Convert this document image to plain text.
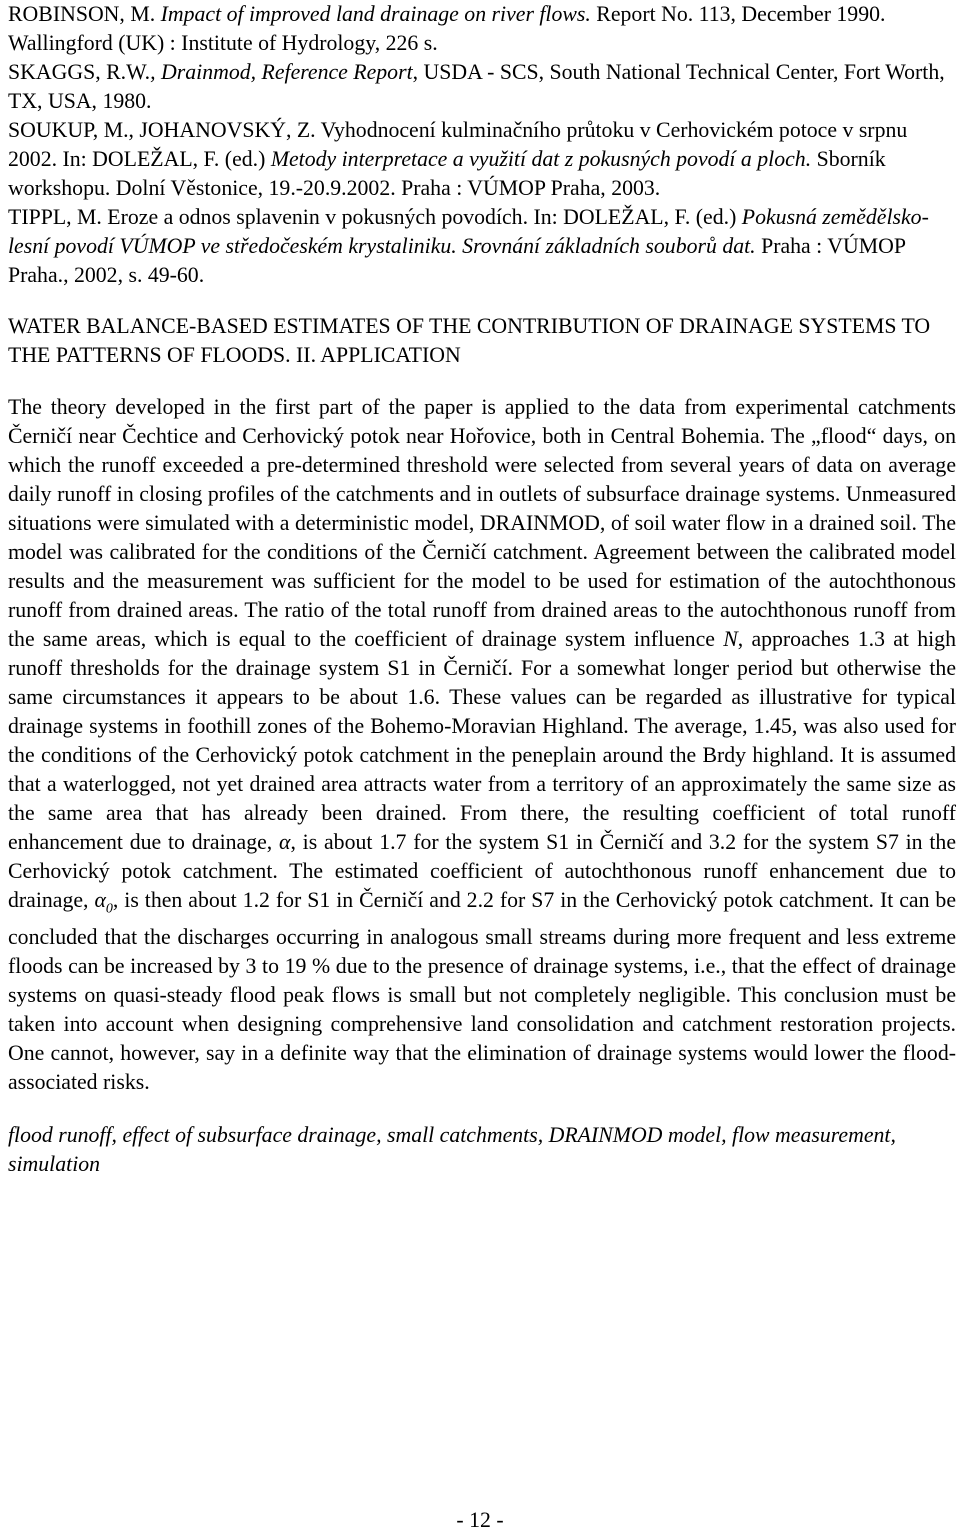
ROBINSON, M. Impact of improved land drainage on river flows. Report No. 113, December 1990. Wallingford (UK) : Institute of Hydrology, 226 s.
SKAGGS, R.W., Drainmod, Reference Report, USDA - SCS, South National Technical Center, Fort Worth, TX, USA, 1980.
SOUKUP, M., JOHANOVSKÝ, Z. Vyhodnocení kulminačního průtoku v Cerhovickém potoce v srpnu 2002. In: DOLEŽAL, F. (ed.) Metody interpretace a využití dat z pokusných povodí a ploch. Sborník workshopu. Dolní Věstonice, 19.-20.9.2002. Praha : VÚMOP Praha, 2003.
TIPPL, M. Eroze a odnos splavenin v pokusných povodích. In: DOLEŽAL, F. (ed.) Pokusná zemědělsko-lesní povodí VÚMOP ve středočeském krystaliniku. Srovnání základních souborů dat. Praha : VÚMOP Praha., 2002, s. 49-60.
WATER BALANCE-BASED ESTIMATES OF THE CONTRIBUTION OF DRAINAGE SYSTEMS TO THE PATTERNS OF FLOODS. II. APPLICATION
The theory developed in the first part of the paper is applied to the data from experimental catchments Černičí near Čechtice and Cerhovický potok near Hořovice, both in Central Bohemia. The „flood“ days, on which the runoff exceeded a pre-determined threshold were selected from several years of data on average daily runoff in closing profiles of the catchments and in outlets of subsurface drainage systems. Unmeasured situations were simulated with a deterministic model, DRAINMOD, of soil water flow in a drained soil. The model was calibrated for the conditions of the Černičí catchment. Agreement between the calibrated model results and the measurement was sufficient for the model to be used for estimation of the autochthonous runoff from drained areas. The ratio of the total runoff from drained areas to the autochthonous runoff from the same areas, which is equal to the coefficient of drainage system influence N, approaches 1.3 at high runoff thresholds for the drainage system S1 in Černičí. For a somewhat longer period but otherwise the same circumstances it appears to be about 1.6. These values can be regarded as illustrative for typical drainage systems in foothill zones of the Bohemo-Moravian Highland. The average, 1.45, was also used for the conditions of the Cerhovický potok catchment in the peneplain around the Brdy highland. It is assumed that a waterlogged, not yet drained area attracts water from a territory of an approximately the same size as the same area that has already been drained. From there, the resulting coefficient of total runoff enhancement due to drainage, α, is about 1.7 for the system S1 in Černičí and 3.2 for the system S7 in the Cerhovický potok catchment. The estimated coefficient of autochthonous runoff enhancement due to drainage, $\alpha_0$, is then about 1.2 for S1 in Černičí and 2.2 for S7 in the Cerhovický potok catchment. It can be concluded that the discharges occurring in analogous small streams during more frequent and less extreme floods can be increased by 3 to 19 % due to the presence of drainage systems, i.e., that the effect of drainage systems on quasi-steady flood peak flows is small but not completely negligible. This conclusion must be taken into account when designing comprehensive land consolidation and catchment restoration projects. One cannot, however, say in a definite way that the elimination of drainage systems would lower the flood-associated risks.
flood runoff, effect of subsurface drainage, small catchments, DRAINMOD model, flow measurement, simulation
- 12 -
